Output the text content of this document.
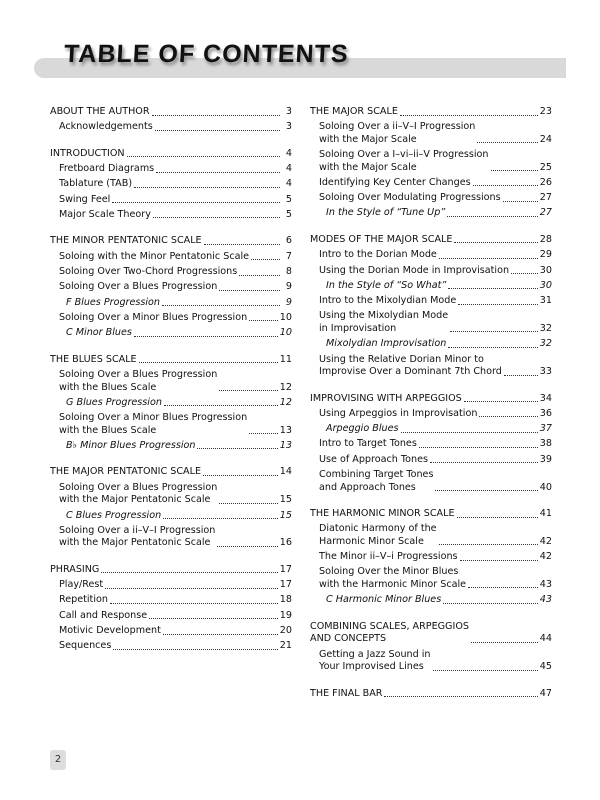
TABLE OF CONTENTS
ABOUT THE AUTHOR	3
Acknowledgements	3
INTRODUCTION	4
Fretboard Diagrams	4
Tablature (TAB)	4
Swing Feel	5
Major Scale Theory	5
THE MINOR PENTATONIC SCALE	6
Soloing with the Minor Pentatonic Scale	7
Soloing Over Two-Chord Progressions	8
Soloing Over a Blues Progression	9
F Blues Progression	9
Soloing Over a Minor Blues Progression	10
C Minor Blues	10
THE BLUES SCALE	11
Soloing Over a Blues Progression
with the Blues Scale	12
G Blues Progression	12
Soloing Over a Minor Blues Progression
with the Blues Scale	13
B♭ Minor Blues Progression	13
THE MAJOR PENTATONIC SCALE	14
Soloing Over a Blues Progression
with the Major Pentatonic Scale	15
C Blues Progression	15
Soloing Over a ii–V–I Progression
with the Major Pentatonic Scale	16
PHRASING	17
Play/Rest	17
Repetition	18
Call and Response	19
Motivic Development	20
Sequences	21
THE MAJOR SCALE	23
Soloing Over a ii–V–I Progression
with the Major Scale	24
Soloing Over a I–vi–ii–V Progression
with the Major Scale	25
Identifying Key Center Changes	26
Soloing Over Modulating Progressions	27
In the Style of “Tune Up”	27
MODES OF THE MAJOR SCALE	28
Intro to the Dorian Mode	29
Using the Dorian Mode in Improvisation	30
In the Style of “So What”	30
Intro to the Mixolydian Mode	31
Using the Mixolydian Mode
in Improvisation	32
Mixolydian Improvisation	32
Using the Relative Dorian Minor to
Improvise Over a Dominant 7th Chord	33
IMPROVISING WITH ARPEGGIOS	34
Using Arpeggios in Improvisation	36
Arpeggio Blues	37
Intro to Target Tones	38
Use of Approach Tones	39
Combining Target Tones
and Approach Tones	40
THE HARMONIC MINOR SCALE	41
Diatonic Harmony of the
Harmonic Minor Scale	42
The Minor ii–V–i Progressions	42
Soloing Over the Minor Blues
with the Harmonic Minor Scale	43
C Harmonic Minor Blues	43
COMBINING SCALES, ARPEGGIOS
AND CONCEPTS	44
Getting a Jazz Sound in
Your Improvised Lines	45
THE FINAL BAR	47
2
